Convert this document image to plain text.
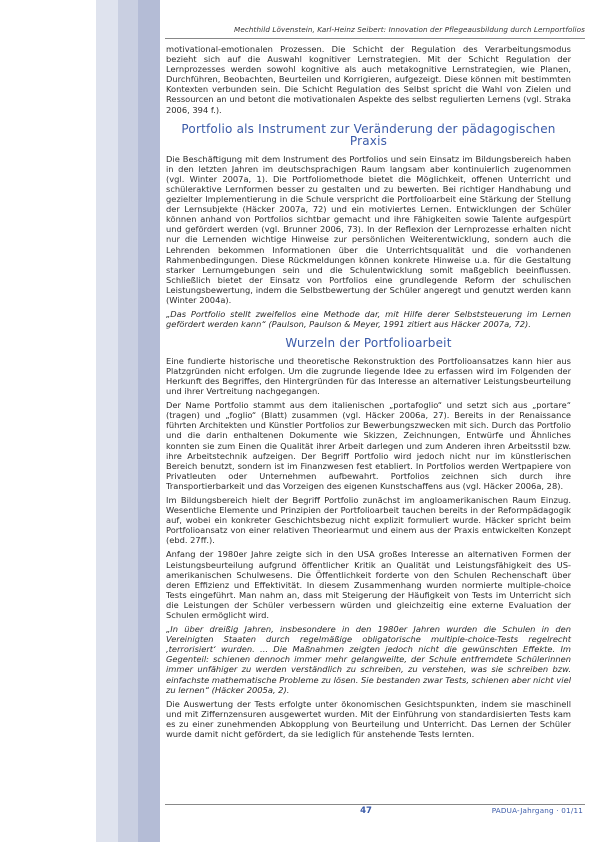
Mechthild Lövenstein, Karl-Heinz Seibert: Innovation der Pflegeausbildung durch Lernportfolios

motivational-emotionalen Prozessen. Die Schicht der Regulation des Verarbeitungsmodus bezieht sich auf die Auswahl kognitiver Lernstrategien. Mit der Schicht Regulation der Lernprozesses werden sowohl kognitive als auch metakognitive Lernstrategien, wie Planen, Durchführen, Beobachten, Beurteilen und Korrigieren, aufgezeigt. Diese können mit bestimmten Kontexten verbunden sein. Die Schicht Regulation des Selbst spricht die Wahl von Zielen und Ressourcen an und betont die motivationalen Aspekte des selbst regulierten Lernens (vgl. Straka 2006, 394 f.).

Portfolio als Instrument zur Veränderung der pädagogischen Praxis

Die Beschäftigung mit dem Instrument des Portfolios und sein Einsatz im Bildungsbereich haben in den letzten Jahren im deutschsprachigen Raum langsam aber kontinuierlich zugenommen (vgl. Winter 2007a, 1). Die Portfoliomethode bietet die Möglichkeit, offenen Unterricht und schüleraktive Lernformen besser zu gestalten und zu bewerten. Bei richtiger Handhabung und gezielter Implementierung in die Schule verspricht die Portfolioarbeit eine Stärkung der Stellung der Lernsubjekte (Häcker 2007a, 72) und ein motiviertes Lernen. Entwicklungen der Schüler können anhand von Portfolios sichtbar gemacht und ihre Fähigkeiten sowie Talente aufgespürt und gefördert werden (vgl. Brunner 2006, 73). In der Reflexion der Lernprozesse erhalten nicht nur die Lernenden wichtige Hinweise zur persönlichen Weiterentwicklung, sondern auch die Lehrenden bekommen Informationen über die Unterrichtsqualität und die vorhandenen Rahmenbedingungen. Diese Rückmeldungen können konkrete Hinweise u.a. für die Gestaltung starker Lernumgebungen sein und die Schulentwicklung somit maßgeblich beeinflussen. Schließlich bietet der Einsatz von Portfolios eine grundlegende Reform der schulischen Leistungsbewertung, indem die Selbstbewertung der Schüler angeregt und genutzt werden kann (Winter 2004a).

„Das Portfolio stellt zweifellos eine Methode dar, mit Hilfe derer Selbststeuerung im Lernen gefördert werden kann“ (Paulson, Paulson & Meyer, 1991 zitiert aus Häcker 2007a, 72).

Wurzeln der Portfolioarbeit

Eine fundierte historische und theoretische Rekonstruktion des Portfolioansatzes kann hier aus Platzgründen nicht erfolgen. Um die zugrunde liegende Idee zu erfassen wird im Folgenden der Herkunft des Begriffes, den Hintergründen für das Interesse an alternativer Leistungsbeurteilung und ihrer Vertreitung nachgegangen.

Der Name Portfolio stammt aus dem italienischen „portafoglio“ und setzt sich aus „portare“ (tragen) und „foglio“ (Blatt) zusammen (vgl. Häcker 2006a, 27). Bereits in der Renaissance führten Architekten und Künstler Portfolios zur Bewerbungszwecken mit sich. Durch das Portfolio und die darin enthaltenen Dokumente wie Skizzen, Zeichnungen, Entwürfe und Ähnliches konnten sie zum Einen die Qualität ihrer Arbeit darlegen und zum Anderen ihren Arbeitsstil bzw. ihre Arbeitstechnik aufzeigen. Der Begriff Portfolio wird jedoch nicht nur im künstlerischen Bereich benutzt, sondern ist im Finanzwesen fest etabliert. In Portfolios werden Wertpapiere von Privatleuten oder Unternehmen aufbewahrt. Portfolios zeichnen sich durch ihre Transportierbarkeit und das Vorzeigen des eigenen Kunstschaffens aus (vgl. Häcker 2006a, 28).

Im Bildungsbereich hielt der Begriff Portfolio zunächst im angloamerikanischen Raum Einzug. Wesentliche Elemente und Prinzipien der Portfolioarbeit tauchen bereits in der Reformpädagogik auf, wobei ein konkreter Geschichtsbezug nicht explizit formuliert wurde. Häcker spricht beim Portfolioansatz von einer relativen Theoriearmut und einem aus der Praxis entwickelten Konzept (ebd. 27ff.).

Anfang der 1980er Jahre zeigte sich in den USA großes Interesse an alternativen Formen der Leistungsbeurteilung aufgrund öffentlicher Kritik an Qualität und Leistungsfähigkeit des US-amerikanischen Schulwesens. Die Öffentlichkeit forderte von den Schulen Rechenschaft über deren Effizienz und Effektivität. In diesem Zusammenhang wurden normierte multiple-choice Tests eingeführt. Man nahm an, dass mit Steigerung der Häufigkeit von Tests im Unterricht sich die Leistungen der Schüler verbessern würden und gleichzeitig eine externe Evaluation der Schulen ermöglicht wird.

„In über dreißig Jahren, insbesondere in den 1980er Jahren wurden die Schulen in den Vereinigten Staaten durch regelmäßige obligatorische multiple-choice-Tests regelrecht ‚terrorisiert‘ wurden. ... Die Maßnahmen zeigten jedoch nicht die gewünschten Effekte. Im Gegenteil: schienen dennoch immer mehr gelangweilte, der Schule entfremdete Schülerinnen immer unfähiger zu werden verständlich zu schreiben, zu verstehen, was sie schreiben bzw. einfachste mathematische Probleme zu lösen. Sie bestanden zwar Tests, schienen aber nicht viel zu lernen“ (Häcker 2005a, 2).

Die Auswertung der Tests erfolgte unter ökonomischen Gesichtspunkten, indem sie maschinell und mit Ziffernzensuren ausgewertet wurden. Mit der Einführung von standardisierten Tests kam es zu einer zunehmenden Abkopplung von Beurteilung und Unterricht. Das Lernen der Schüler wurde damit nicht gefördert, da sie lediglich für anstehende Tests lernten.

47	PADUA-Jahrgang · 01/11
